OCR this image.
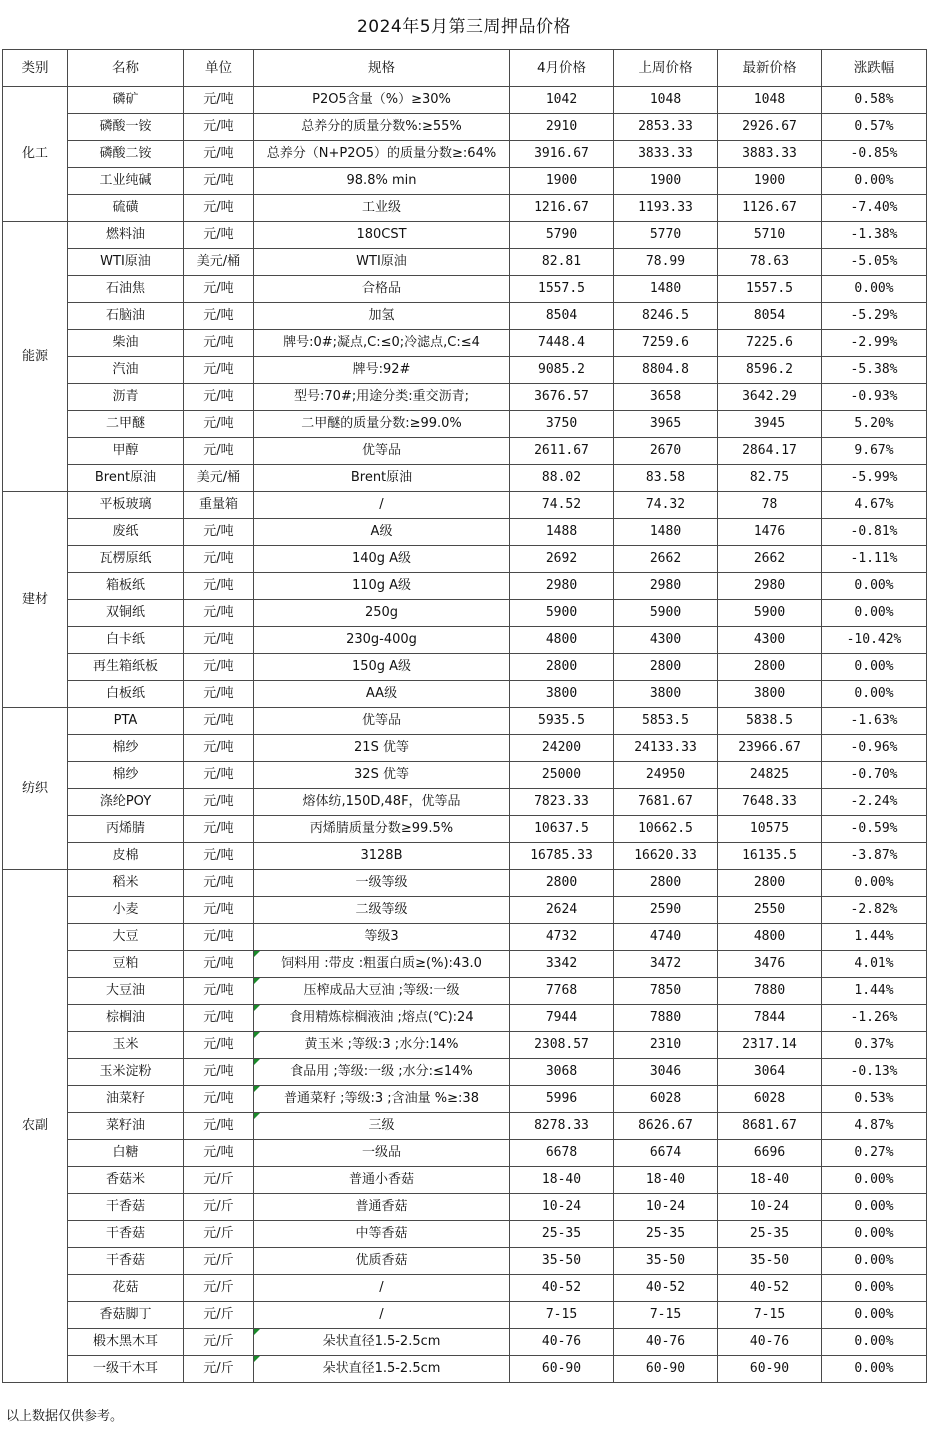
2024年5月第三周押品价格
类别	名称	单位	规格	4月价格	上周价格	最新价格	涨跌幅
化工	磷矿	元/吨	P2O5含量（%）≥30%	1042	1048	1048	0.58%
	磷酸一铵	元/吨	总养分的质量分数%:≥55%	2910	2853.33	2926.67	0.57%
	磷酸二铵	元/吨	总养分（N+P2O5）的质量分数≥:64%	3916.67	3833.33	3883.33	-0.85%
	工业纯碱	元/吨	98.8% min	1900	1900	1900	0.00%
	硫磺	元/吨	工业级	1216.67	1193.33	1126.67	-7.40%
能源	燃料油	元/吨	180CST	5790	5770	5710	-1.38%
	WTI原油	美元/桶	WTI原油	82.81	78.99	78.63	-5.05%
	石油焦	元/吨	合格品	1557.5	1480	1557.5	0.00%
	石脑油	元/吨	加氢	8504	8246.5	8054	-5.29%
	柴油	元/吨	牌号:0#;凝点,C:≤0;冷滤点,C:≤4	7448.4	7259.6	7225.6	-2.99%
	汽油	元/吨	牌号:92#	9085.2	8804.8	8596.2	-5.38%
	沥青	元/吨	型号:70#;用途分类:重交沥青;	3676.57	3658	3642.29	-0.93%
	二甲醚	元/吨	二甲醚的质量分数:≥99.0%	3750	3965	3945	5.20%
	甲醇	元/吨	优等品	2611.67	2670	2864.17	9.67%
	Brent原油	美元/桶	Brent原油	88.02	83.58	82.75	-5.99%
建材	平板玻璃	重量箱	/	74.52	74.32	78	4.67%
	废纸	元/吨	A级	1488	1480	1476	-0.81%
	瓦楞原纸	元/吨	140g A级	2692	2662	2662	-1.11%
	箱板纸	元/吨	110g A级	2980	2980	2980	0.00%
	双铜纸	元/吨	250g	5900	5900	5900	0.00%
	白卡纸	元/吨	230g-400g	4800	4300	4300	-10.42%
	再生箱纸板	元/吨	150g A级	2800	2800	2800	0.00%
	白板纸	元/吨	AA级	3800	3800	3800	0.00%
纺织	PTA	元/吨	优等品	5935.5	5853.5	5838.5	-1.63%
	棉纱	元/吨	21S 优等	24200	24133.33	23966.67	-0.96%
	棉纱	元/吨	32S 优等	25000	24950	24825	-0.70%
	涤纶POY	元/吨	熔体纺,150D,48F，优等品	7823.33	7681.67	7648.33	-2.24%
	丙烯腈	元/吨	丙烯腈质量分数≥99.5%	10637.5	10662.5	10575	-0.59%
	皮棉	元/吨	3128B	16785.33	16620.33	16135.5	-3.87%
农副	稻米	元/吨	一级等级	2800	2800	2800	0.00%
	小麦	元/吨	二级等级	2624	2590	2550	-2.82%
	大豆	元/吨	等级3	4732	4740	4800	1.44%
	豆粕	元/吨	饲料用 :带皮 :粗蛋白质≥(%):43.0	3342	3472	3476	4.01%
	大豆油	元/吨	压榨成品大豆油 ;等级:一级	7768	7850	7880	1.44%
	棕榈油	元/吨	食用精炼棕榈液油 ;熔点(℃):24	7944	7880	7844	-1.26%
	玉米	元/吨	黄玉米 ;等级:3 ;水分:14%	2308.57	2310	2317.14	0.37%
	玉米淀粉	元/吨	食品用 ;等级:一级 ;水分:≤14%	3068	3046	3064	-0.13%
	油菜籽	元/吨	普通菜籽 ;等级:3 ;含油量 %≥:38	5996	6028	6028	0.53%
	菜籽油	元/吨	三级	8278.33	8626.67	8681.67	4.87%
	白糖	元/吨	一级品	6678	6674	6696	0.27%
	香菇米	元/斤	普通小香菇	18-40	18-40	18-40	0.00%
	干香菇	元/斤	普通香菇	10-24	10-24	10-24	0.00%
	干香菇	元/斤	中等香菇	25-35	25-35	25-35	0.00%
	干香菇	元/斤	优质香菇	35-50	35-50	35-50	0.00%
	花菇	元/斤	/	40-52	40-52	40-52	0.00%
	香菇脚丁	元/斤	/	7-15	7-15	7-15	0.00%
	椴木黑木耳	元/斤	朵状直径1.5-2.5cm	40-76	40-76	40-76	0.00%
	一级干木耳	元/斤	朵状直径1.5-2.5cm	60-90	60-90	60-90	0.00%
以上数据仅供参考。
